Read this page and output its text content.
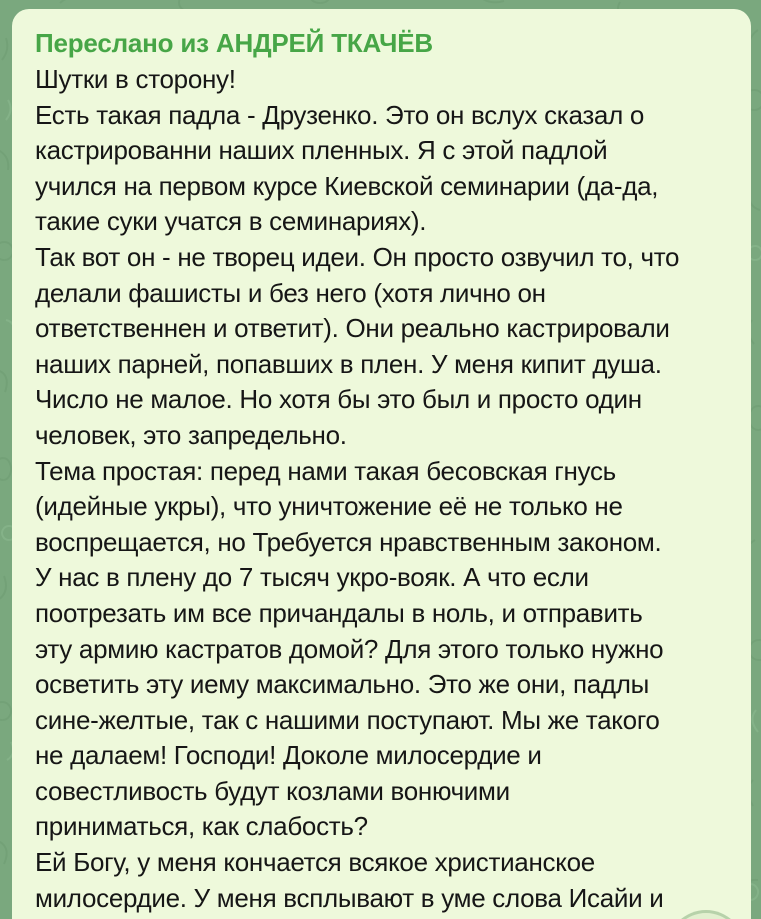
Переслано из АНДРЕЙ ТКАЧЁВ
Шутки в сторону!
Есть такая падла - Друзенко. Это он вслух сказал о
кастрированни наших пленных. Я с этой падлой
учился на первом курсе Киевской семинарии (да-да,
такие суки учатся в семинариях).
Так вот он - не творец идеи. Он просто озвучил то, что
делали фашисты и без него (хотя лично он
ответственнен и ответит). Они реально кастрировали
наших парней, попавших в плен. У меня кипит душа.
Число не малое. Но хотя бы это был и просто один
человек, это запредельно.
Тема простая: перед нами такая бесовская гнусь
(идейные укры), что уничтожение её не только не
воспрещается, но Требуется нравственным законом.
У нас в плену до 7 тысяч укро-вояк. А что если
поотрезать им все причандалы в ноль, и отправить
эту армию кастратов домой? Для этого только нужно
осветить эту иему максимально. Это же они, падлы
сине-желтые, так с нашими поступают. Мы же такого
не далаем! Господи! Доколе милосердие и
совестливость будут козлами вонючими
приниматься, как слабость?
Ей Богу, у меня кончается всякое христианское
милосердие. У меня всплывают в уме слова Исайи и
